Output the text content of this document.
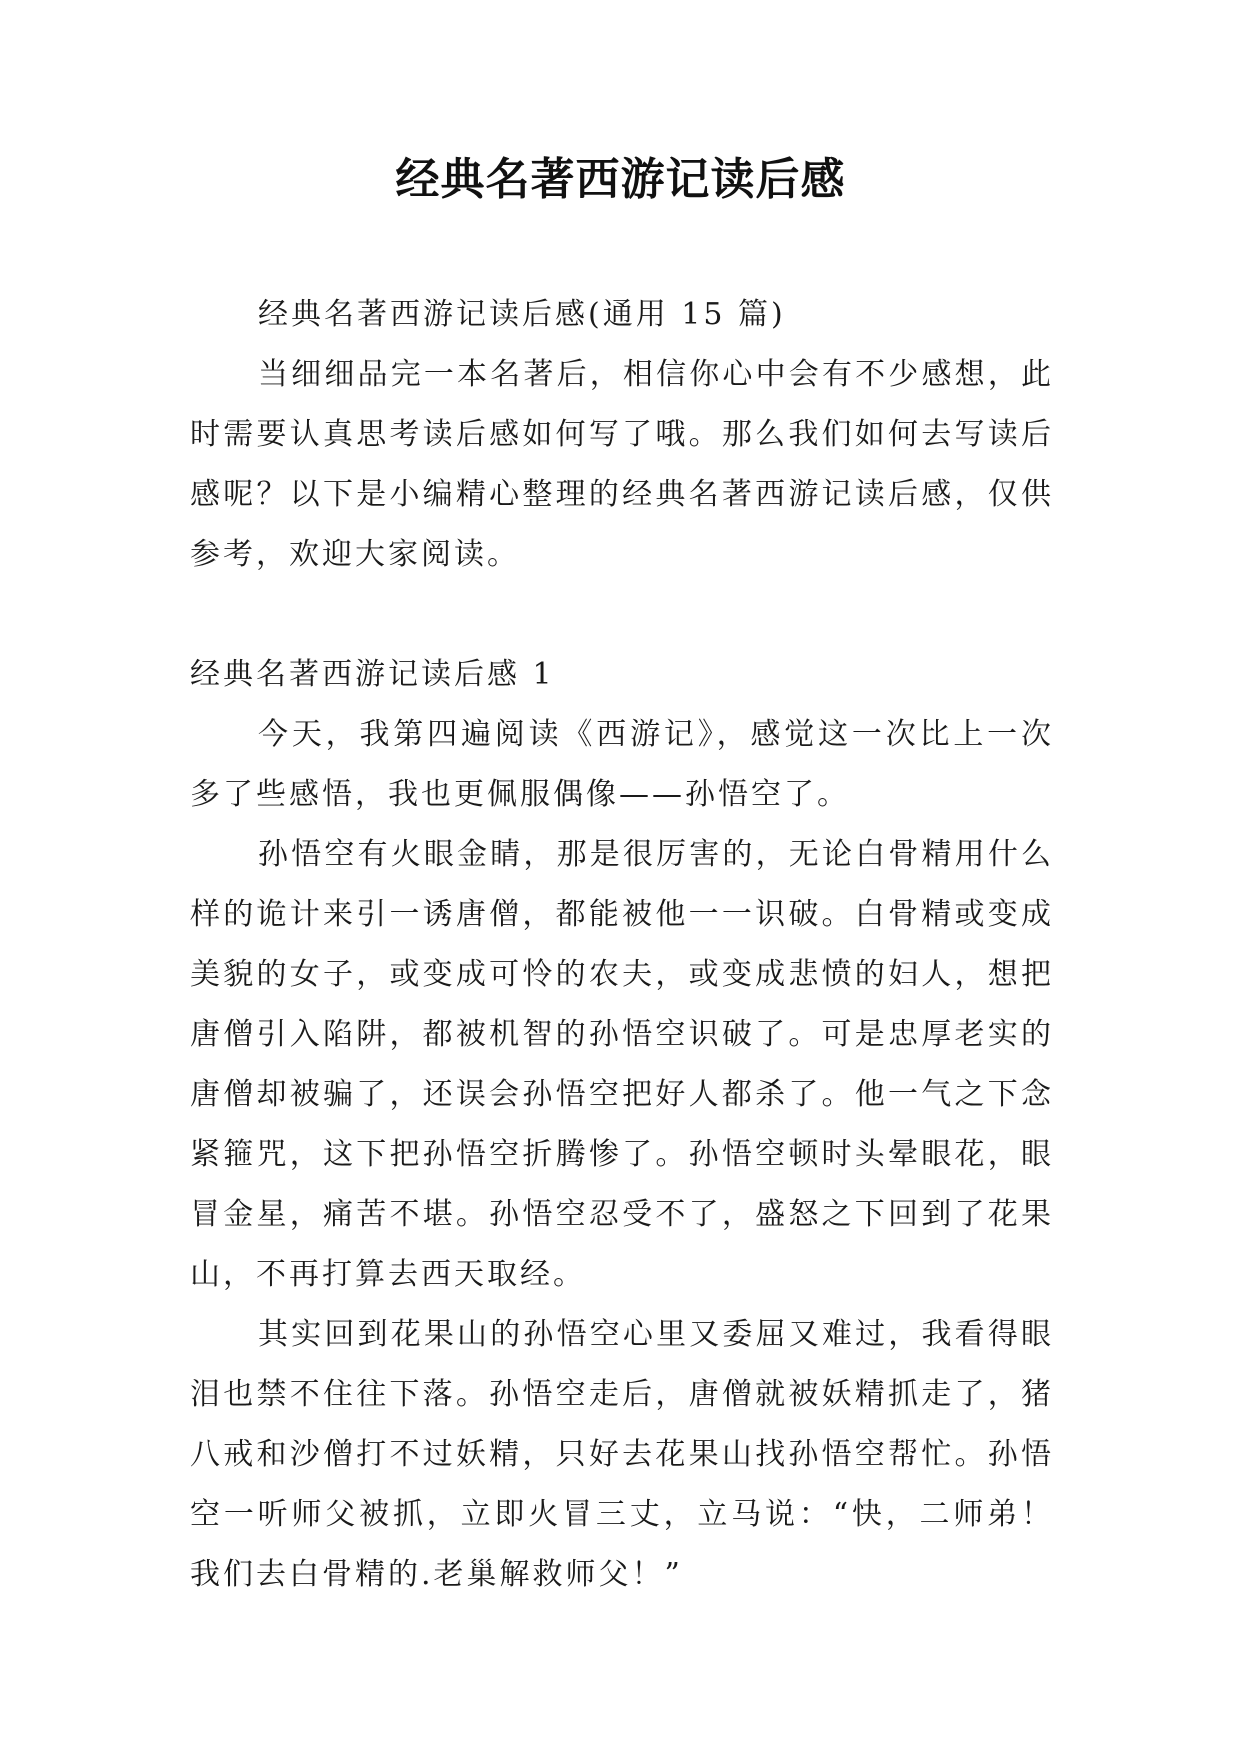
经典名著西游记读后感

经典名著西游记读后感(通用 15 篇)

当细细品完一本名著后，相信你心中会有不少感想，此时需要认真思考读后感如何写了哦。那么我们如何去写读后感呢？以下是小编精心整理的经典名著西游记读后感，仅供参考，欢迎大家阅读。

经典名著西游记读后感 1

今天，我第四遍阅读《西游记》，感觉这一次比上一次多了些感悟，我也更佩服偶像——孙悟空了。

孙悟空有火眼金睛，那是很厉害的，无论白骨精用什么样的诡计来引一诱唐僧，都能被他一一识破。白骨精或变成美貌的女子，或变成可怜的农夫，或变成悲愤的妇人，想把唐僧引入陷阱，都被机智的孙悟空识破了。可是忠厚老实的唐僧却被骗了，还误会孙悟空把好人都杀了。他一气之下念紧箍咒，这下把孙悟空折腾惨了。孙悟空顿时头晕眼花，眼冒金星，痛苦不堪。孙悟空忍受不了，盛怒之下回到了花果山，不再打算去西天取经。

其实回到花果山的孙悟空心里又委屈又难过，我看得眼泪也禁不住往下落。孙悟空走后，唐僧就被妖精抓走了，猪八戒和沙僧打不过妖精，只好去花果山找孙悟空帮忙。孙悟空一听师父被抓，立即火冒三丈，立马说：“快，二师弟！我们去白骨精的.老巢解救师父！”
